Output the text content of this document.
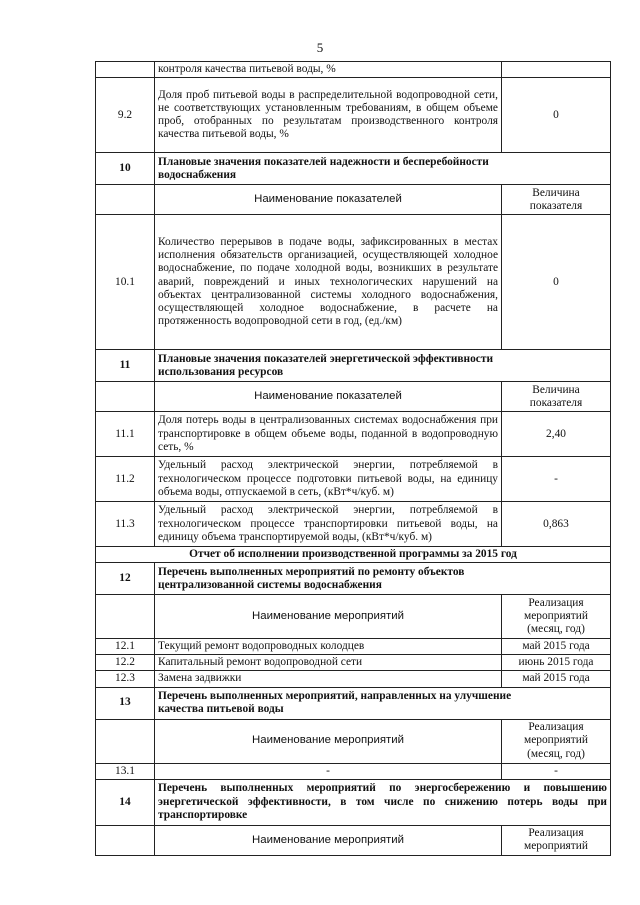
5
	контроля качества питьевой воды, %	
9.2	Доля проб питьевой воды в распределительной водопроводной сети, не соответствующих установленным требованиям, в общем объеме проб, отобранных по результатам производственного контроля качества питьевой воды, %	0
10	Плановые значения показателей надежности и бесперебойности
водоснабжения	

	Наименование показателей	Величина показателя
10.1	Количество перерывов в подаче воды, зафиксированных в местах исполнения обязательств организацией, осуществляющей холодное водоснабжение, по подаче холодной воды, возникших в результате аварий, повреждений и иных технологических нарушений на объектах централизованной системы холодного водоснабжения, осуществляющей холодное водоснабжение, в расчете на протяженность водопроводной сети в год, (ед./км)	0
11	Плановые значения показателей энергетической эффективности
использования ресурсов	

	Наименование показателей	Величина показателя
11.1	Доля потерь воды в централизованных системах водоснабжения при транспортировке в общем объеме воды, поданной в водопроводную сеть, %	2,40
11.2	Удельный расход электрической энергии, потребляемой в технологическом процессе подготовки питьевой воды, на единицу объема воды, отпускаемой в сеть, (кВт*ч/куб. м)	-
11.3	Удельный расход электрической энергии, потребляемой в технологическом процессе транспортировки питьевой воды, на единицу объема транспортируемой воды, (кВт*ч/куб. м)	0,863
Отчет об исполнении производственной программы за 2015 год		
12	Перечень выполненных мероприятий по ремонту объектов
централизованной системы водоснабжения	

	Наименование мероприятий	Реализация мероприятий (месяц, год)
12.1	Текущий ремонт водопроводных колодцев	май 2015 года
12.2	Капитальный ремонт водопроводной сети	июнь 2015 года
12.3	Замена задвижки	май 2015 года
13	Перечень выполненных мероприятий, направленных на улучшение
качества питьевой воды	

	Наименование мероприятий	Реализация мероприятий (месяц, год)
13.1	-	-
14	Перечень выполненных мероприятий по энергосбережению и повышению энергетической эффективности, в том числе по снижению потерь воды при транспортировке	
	Наименование мероприятий	Реализация мероприятий
